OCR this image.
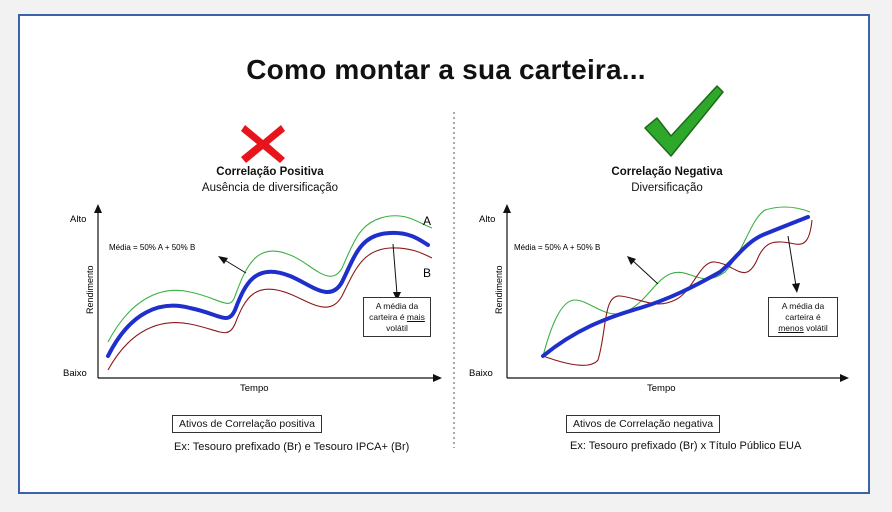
Como montar a sua carteira...
Correlação Positiva
Ausência de diversificação
Alto
Baixo
Rendimento
Tempo
A
B
Média = 50% A + 50% B
A média da
carteira é mais
volátil
Ativos de Correlação positiva
Ex: Tesouro prefixado (Br) e Tesouro IPCA+ (Br)
Correlação Negativa
Diversificação
Alto
Baixo
Rendimento
Tempo
Média = 50% A + 50% B
A média da
carteira é
menos volátil
Ativos de Correlação negativa
Ex: Tesouro prefixado (Br) x Título Público EUA
